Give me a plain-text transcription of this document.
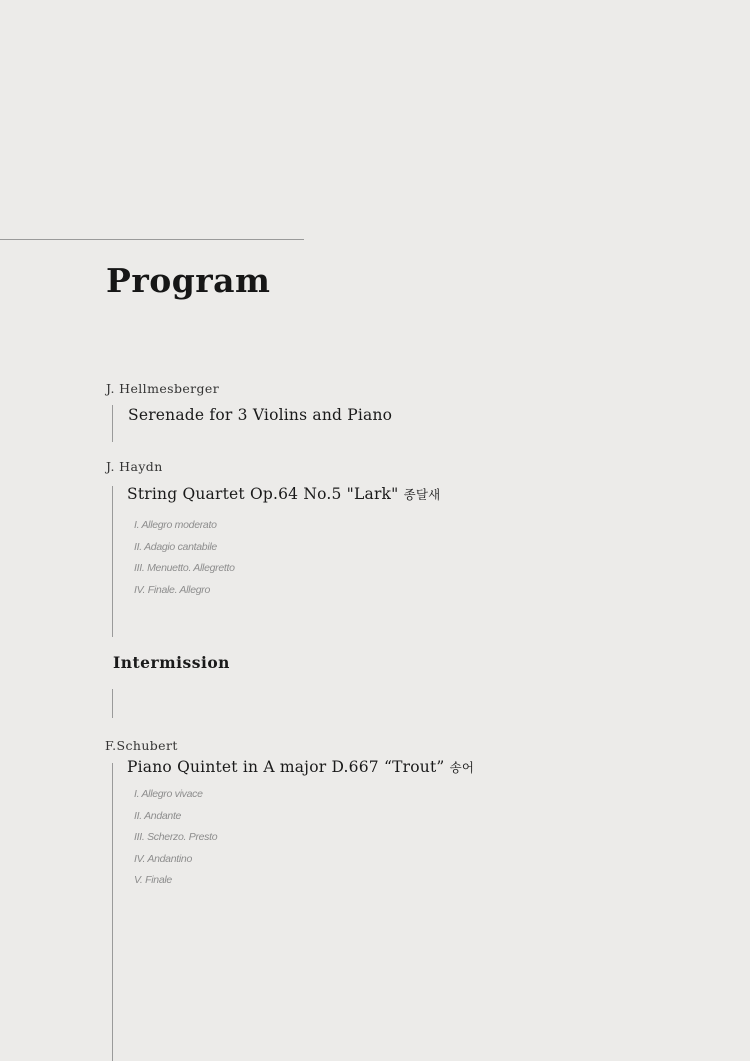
Program

J. Hellmesberger

Serenade for 3 Violins and Piano

J. Haydn

String Quartet Op.64 No.5 "Lark" 종달새

I. Allegro moderato
II. Adagio cantabile
III. Menuetto. Allegretto
IV. Finale. Allegro

Intermission

F.Schubert

Piano Quintet in A major D.667 “Trout” 송어

I. Allegro vivace
II. Andante
III. Scherzo. Presto
IV. Andantino
V. Finale
